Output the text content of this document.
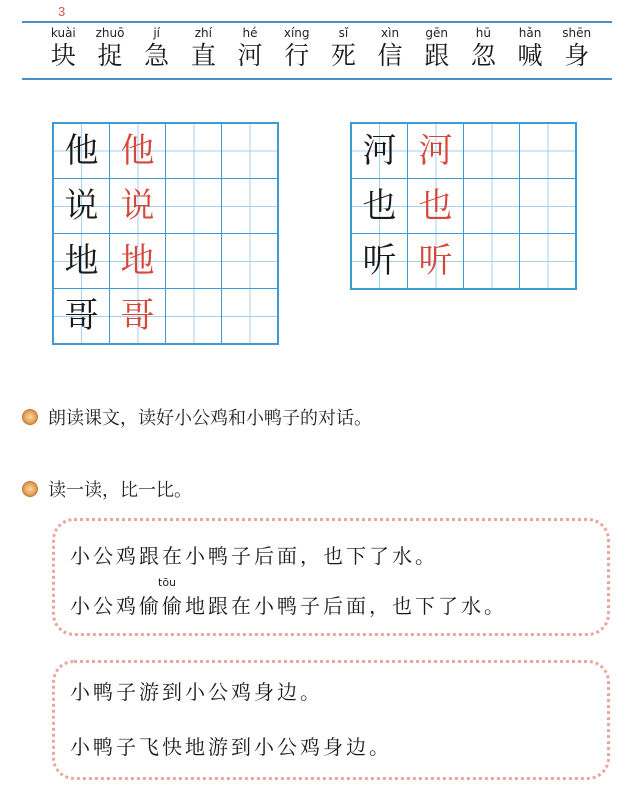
3
kuài
块
zhuō
捉
jí
急
zhí
直
hé
河
xíng
行
sǐ
死
xìn
信
gēn
跟
hū
忽
hǎn
喊
shēn
身
他	他		
说	说		
地	地		
哥	哥		
河	河		
也	也		
听	听		
朗读课文，读好小公鸡和小鸭子的对话。
读一读，比一比。
小公鸡跟在小鸭子后面，也下了水。
tōu
小公鸡偷偷地跟在小鸭子后面，也下了水。
小鸭子游到小公鸡身边。
小鸭子飞快地游到小公鸡身边。
